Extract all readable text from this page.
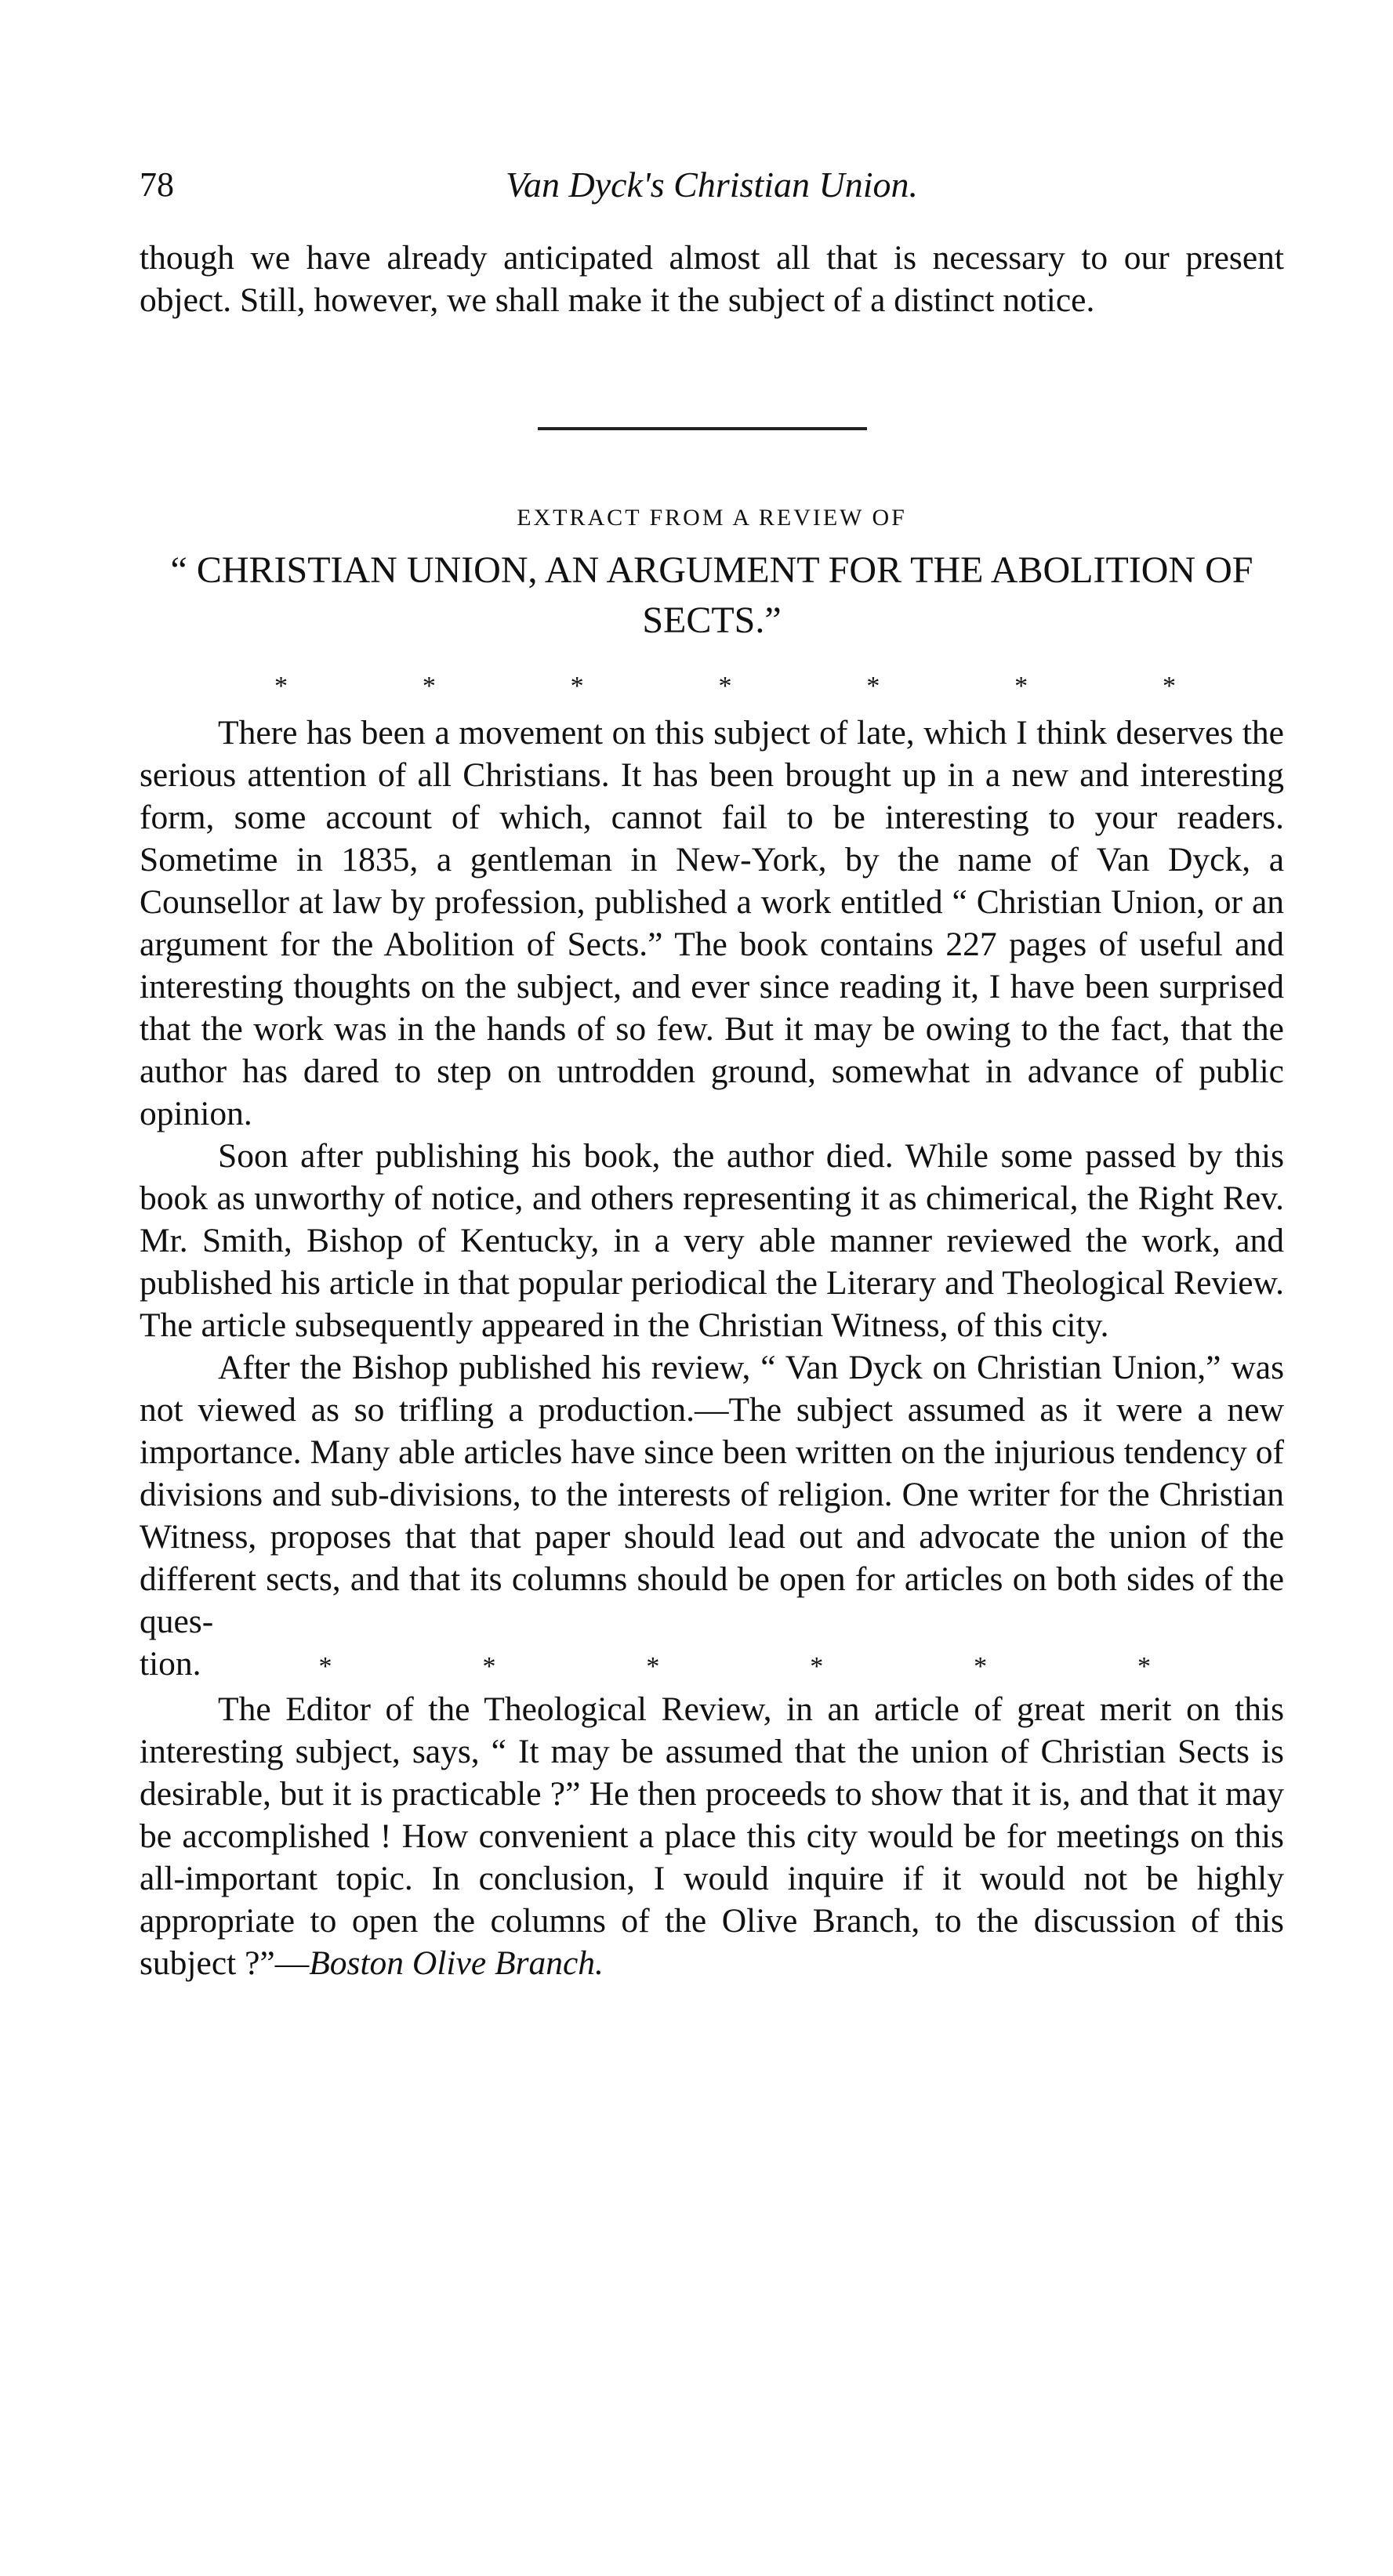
78	Van Dyck's Christian Union.

though we have already anticipated almost all that is necessary to our present object. Still, however, we shall make it the subject of a distinct notice.

EXTRACT FROM A REVIEW OF
“ CHRISTIAN UNION, AN ARGUMENT FOR THE ABOLITION OF SECTS.”
*	*	*	*	*	*	*

There has been a movement on this subject of late, which I think deserves the serious attention of all Christians. It has been brought up in a new and interesting form, some account of which, cannot fail to be interesting to your readers. Sometime in 1835, a gentleman in New-York, by the name of Van Dyck, a Counsellor at law by profession, published a work entitled “ Christian Union, or an argument for the Abolition of Sects.” The book contains 227 pages of useful and interesting thoughts on the subject, and ever since reading it, I have been surprised that the work was in the hands of so few. But it may be owing to the fact, that the author has dared to step on untrodden ground, somewhat in advance of public opinion.

Soon after publishing his book, the author died. While some passed by this book as unworthy of notice, and others representing it as chimerical, the Right Rev. Mr. Smith, Bishop of Kentucky, in a very able manner reviewed the work, and published his article in that popular periodical the Literary and Theological Review. The article subsequently appeared in the Christian Witness, of this city.

After the Bishop published his review, “ Van Dyck on Christian Union,” was not viewed as so trifling a production.—The subject assumed as it were a new importance. Many able articles have since been written on the injurious tendency of divisions and sub-divisions, to the interests of religion. One writer for the Christian Witness, proposes that that paper should lead out and advocate the union of the different sects, and that its columns should be open for articles on both sides of the ques-

tion.	*	*	*	*	*	*

The Editor of the Theological Review, in an article of great merit on this interesting subject, says, “ It may be assumed that the union of Christian Sects is desirable, but it is practicable ?” He then proceeds to show that it is, and that it may be accomplished ! How convenient a place this city would be for meetings on this all-important topic. In conclusion, I would inquire if it would not be highly appropriate to open the columns of the Olive Branch, to the discussion of this subject ?”—Boston Olive Branch.
